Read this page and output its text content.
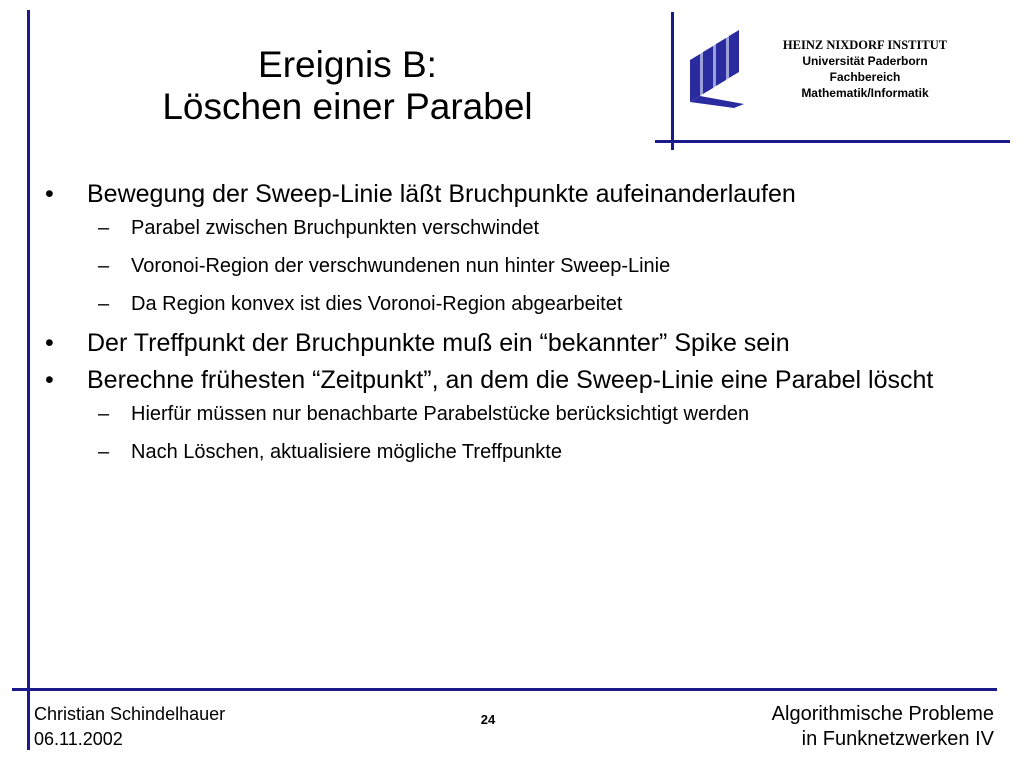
Ereignis B:
Löschen einer Parabel
HEINZ NIXDORF INSTITUT
Universität Paderborn
Fachbereich
Mathematik/Informatik
• Bewegung der Sweep-Linie läßt Bruchpunkte aufeinanderlaufen
– Parabel zwischen Bruchpunkten verschwindet
– Voronoi-Region der verschwundenen nun hinter Sweep-Linie
– Da Region konvex ist dies Voronoi-Region abgearbeitet
• Der Treffpunkt der Bruchpunkte muß ein “bekannter” Spike sein
• Berechne frühesten “Zeitpunkt”, an dem die Sweep-Linie eine Parabel löscht
– Hierfür müssen nur benachbarte Parabelstücke berücksichtigt werden
– Nach Löschen, aktualisiere mögliche Treffpunkte
Christian Schindelhauer
06.11.2002
24	Algorithmische Probleme
in Funknetzwerken IV
